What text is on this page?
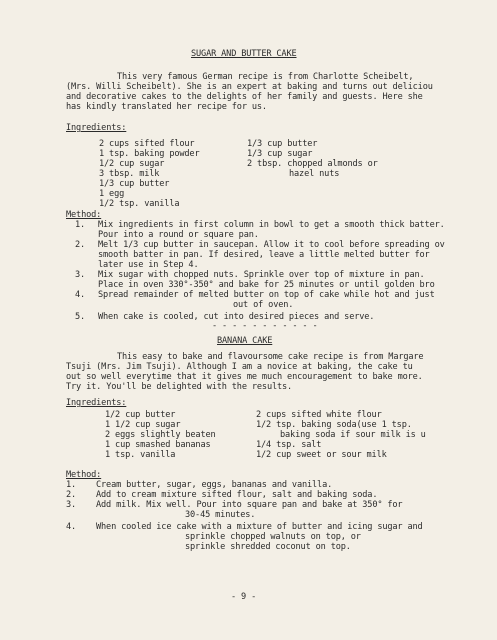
SUGAR AND BUTTER CAKE
This very famous German recipe is from Charlotte Scheibelt,
(Mrs. Willi Scheibelt). She is an expert at baking and turns out deliciou
and decorative cakes to the delights of her family and guests. Here she
has kindly translated her recipe for us.
Ingredients:
2 cups sifted flour
1 tsp. baking powder
1/2 cup sugar
3 tbsp. milk
1/3 cup butter
1 egg
1/2 tsp. vanilla
1/3 cup butter
1/3 cup sugar
2 tbsp. chopped almonds or
hazel nuts
Method:
1. Mix ingredients in first column in bowl to get a smooth thick batter.
Pour into a round or square pan.
2. Melt 1/3 cup butter in saucepan. Allow it to cool before spreading ov
smooth batter in pan. If desired, leave a little melted butter for
later use in Step 4.
3. Mix sugar with chopped nuts. Sprinkle over top of mixture in pan.
Place in oven 330°-350° and bake for 25 minutes or until golden bro
4. Spread remainder of melted butter on top of cake while hot and just
out of oven.
5. When cake is cooled, cut into desired pieces and serve.
- - - - - - - - - - -
BANANA CAKE
This easy to bake and flavoursome cake recipe is from Margare
Tsuji (Mrs. Jim Tsuji). Although I am a novice at baking, the cake tu
out so well everytime that it gives me much encouragement to bake more.
Try it. You'll be delighted with the results.
Ingredients:
1/2 cup butter
1 1/2 cup sugar
2 eggs slightly beaten
1 cup smashed bananas
1 tsp. vanilla
2 cups sifted white flour
1/2 tsp. baking soda(use 1 tsp.
baking soda if sour milk is u
1/4 tsp. salt
1/2 cup sweet or sour milk
Method:
1. Cream butter, sugar, eggs, bananas and vanilla.
2. Add to cream mixture sifted flour, salt and baking soda.
3. Add milk. Mix well. Pour into square pan and bake at 350° for
30-45 minutes.
4. When cooled ice cake with a mixture of butter and icing sugar and
sprinkle chopped walnuts on top, or
sprinkle shredded coconut on top.
- 9 -
